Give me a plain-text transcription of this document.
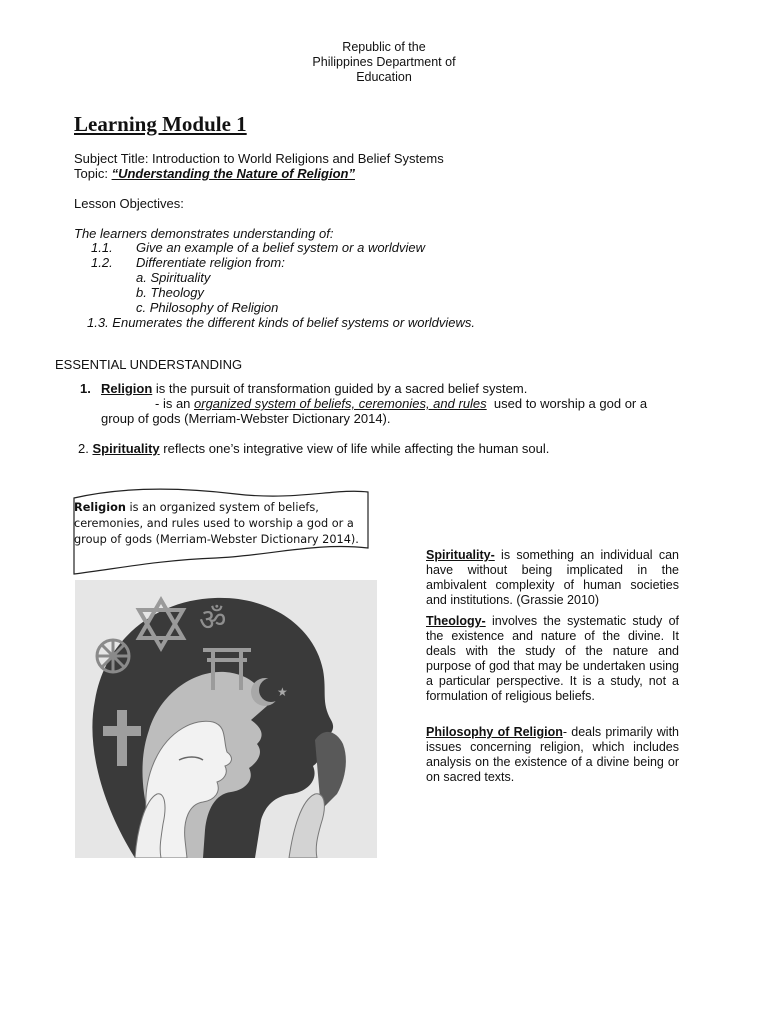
Republic of the
Philippines Department of
Education
Learning Module 1
Subject Title: Introduction to World Religions and Belief Systems
Topic: “Understanding the Nature of Religion”
Lesson Objectives:
The learners demonstrates understanding of:
1.1. Give an example of a belief system or a worldview
1.2. Differentiate religion from:
a. Spirituality
b. Theology
c. Philosophy of Religion
1.3. Enumerates the different kinds of belief systems or worldviews.
ESSENTIAL UNDERSTANDING
1. Religion is the pursuit of transformation guided by a sacred belief system.
- is an organized system of beliefs, ceremonies, and rules  used to worship a god or a
group of gods (Merriam-Webster Dictionary 2014).
2. Spirituality reflects one’s integrative view of life while affecting the human soul.
Religion is an organized system of beliefs, ceremonies, and rules used to worship a god or a group of gods (Merriam-Webster Dictionary 2014).
ॐ
★
Spirituality- is something an individual can have without being implicated in the ambivalent complexity of human societies and institutions. (Grassie 2010)
Theology- involves the systematic study of the existence and nature of the divine. It deals with the study of the nature and purpose of god that may be undertaken using a particular perspective. It is a study, not a formulation of religious beliefs.
Philosophy of Religion- deals primarily with issues concerning religion, which includes analysis on the existence of a divine being or on sacred texts.
